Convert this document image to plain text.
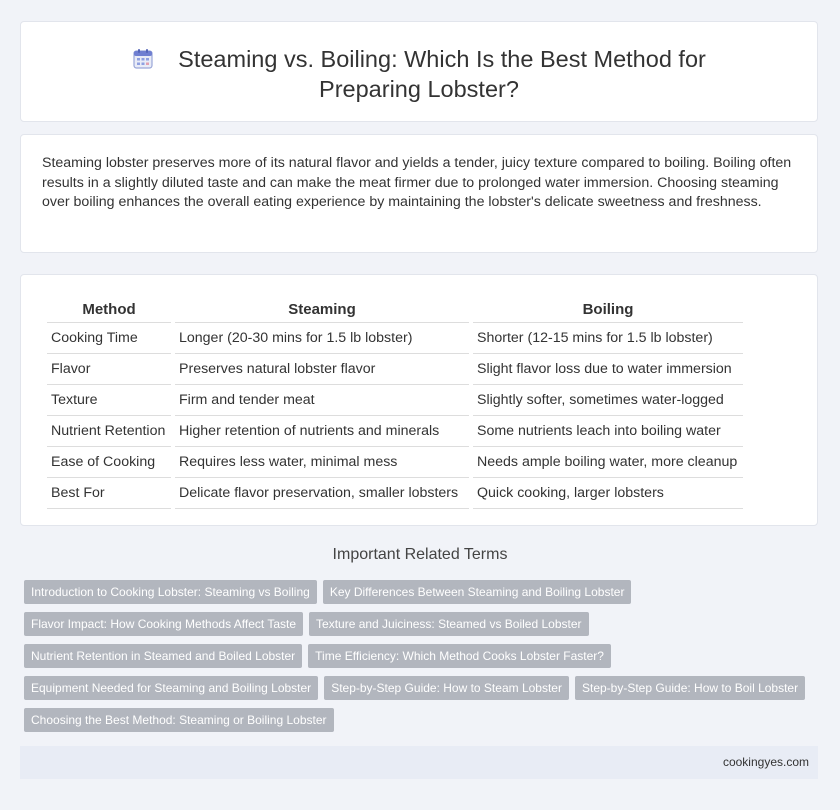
Steaming vs. Boiling: Which Is the Best Method for Preparing Lobster?

Steaming lobster preserves more of its natural flavor and yields a tender, juicy texture compared to boiling. Boiling often results in a slightly diluted taste and can make the meat firmer due to prolonged water immersion. Choosing steaming over boiling enhances the overall eating experience by maintaining the lobster's delicate sweetness and freshness.

Method	Steaming	Boiling
Cooking Time	Longer (20-30 mins for 1.5 lb lobster)	Shorter (12-15 mins for 1.5 lb lobster)
Flavor	Preserves natural lobster flavor	Slight flavor loss due to water immersion
Texture	Firm and tender meat	Slightly softer, sometimes water-logged
Nutrient Retention	Higher retention of nutrients and minerals	Some nutrients leach into boiling water
Ease of Cooking	Requires less water, minimal mess	Needs ample boiling water, more cleanup
Best For	Delicate flavor preservation, smaller lobsters	Quick cooking, larger lobsters
Important Related Terms
Introduction to Cooking Lobster: Steaming vs Boiling	Key Differences Between Steaming and Boiling Lobster
Flavor Impact: How Cooking Methods Affect Taste	Texture and Juiciness: Steamed vs Boiled Lobster
Nutrient Retention in Steamed and Boiled Lobster	Time Efficiency: Which Method Cooks Lobster Faster?
Equipment Needed for Steaming and Boiling Lobster	Step-by-Step Guide: How to Steam Lobster	Step-by-Step Guide: How to Boil Lobster
Choosing the Best Method: Steaming or Boiling Lobster
cookingyes.com
